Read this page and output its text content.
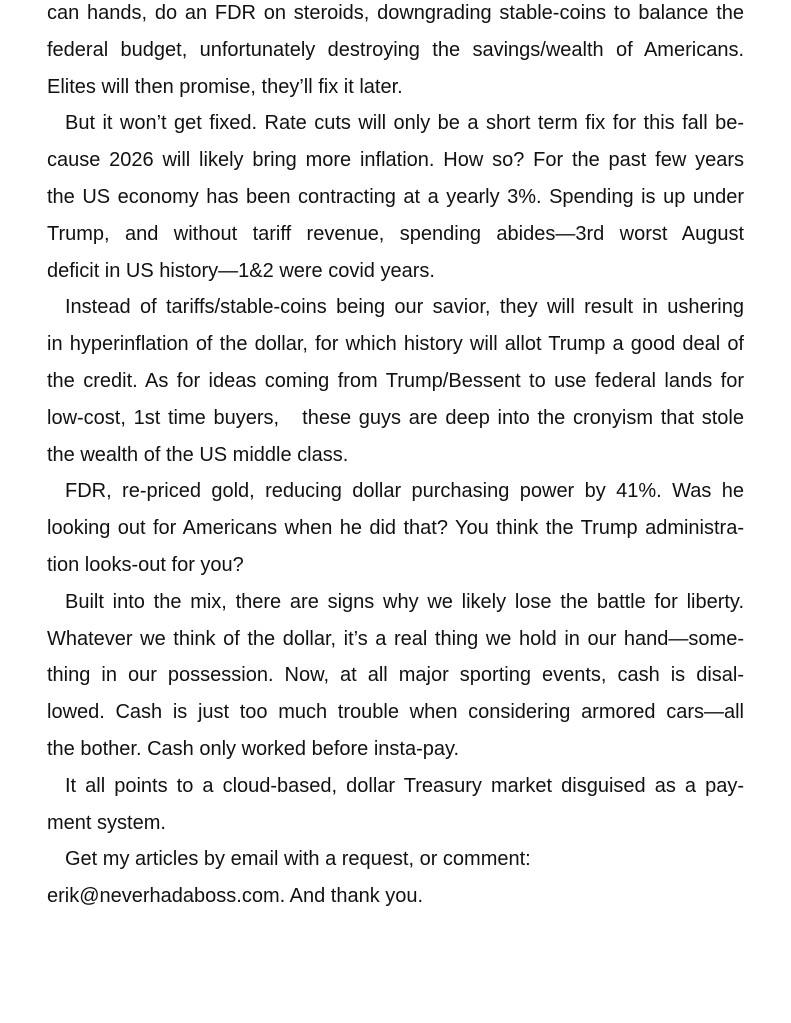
can hands, do an FDR on steroids, downgrading stable-coins to balance the
federal budget, unfortunately destroying the savings/wealth of Americans.
Elites will then promise, they’ll fix it later.
But it won’t get fixed. Rate cuts will only be a short term fix for this fall be-
cause 2026 will likely bring more inflation. How so? For the past few years
the US economy has been contracting at a yearly 3%. Spending is up under
Trump, and without tariff revenue, spending abides—3rd worst August
deficit in US history—1&2 were covid years.
Instead of tariffs/stable-coins being our savior, they will result in ushering
in hyperinflation of the dollar, for which history will allot Trump a good deal of
the credit. As for ideas coming from Trump/Bessent to use federal lands for
low-cost, 1st time buyers,   these guys are deep into the cronyism that stole
the wealth of the US middle class.
FDR, re-priced gold, reducing dollar purchasing power by 41%. Was he
looking out for Americans when he did that? You think the Trump administra-
tion looks-out for you?
Built into the mix, there are signs why we likely lose the battle for liberty.
Whatever we think of the dollar, it’s a real thing we hold in our hand—some-
thing in our possession. Now, at all major sporting events, cash is disal-
lowed. Cash is just too much trouble when considering armored cars—all
the bother. Cash only worked before insta-pay.
It all points to a cloud-based, dollar Treasury market disguised as a pay-
ment system.
Get my articles by email with a request, or comment:
erik@neverhadaboss.com. And thank you.
